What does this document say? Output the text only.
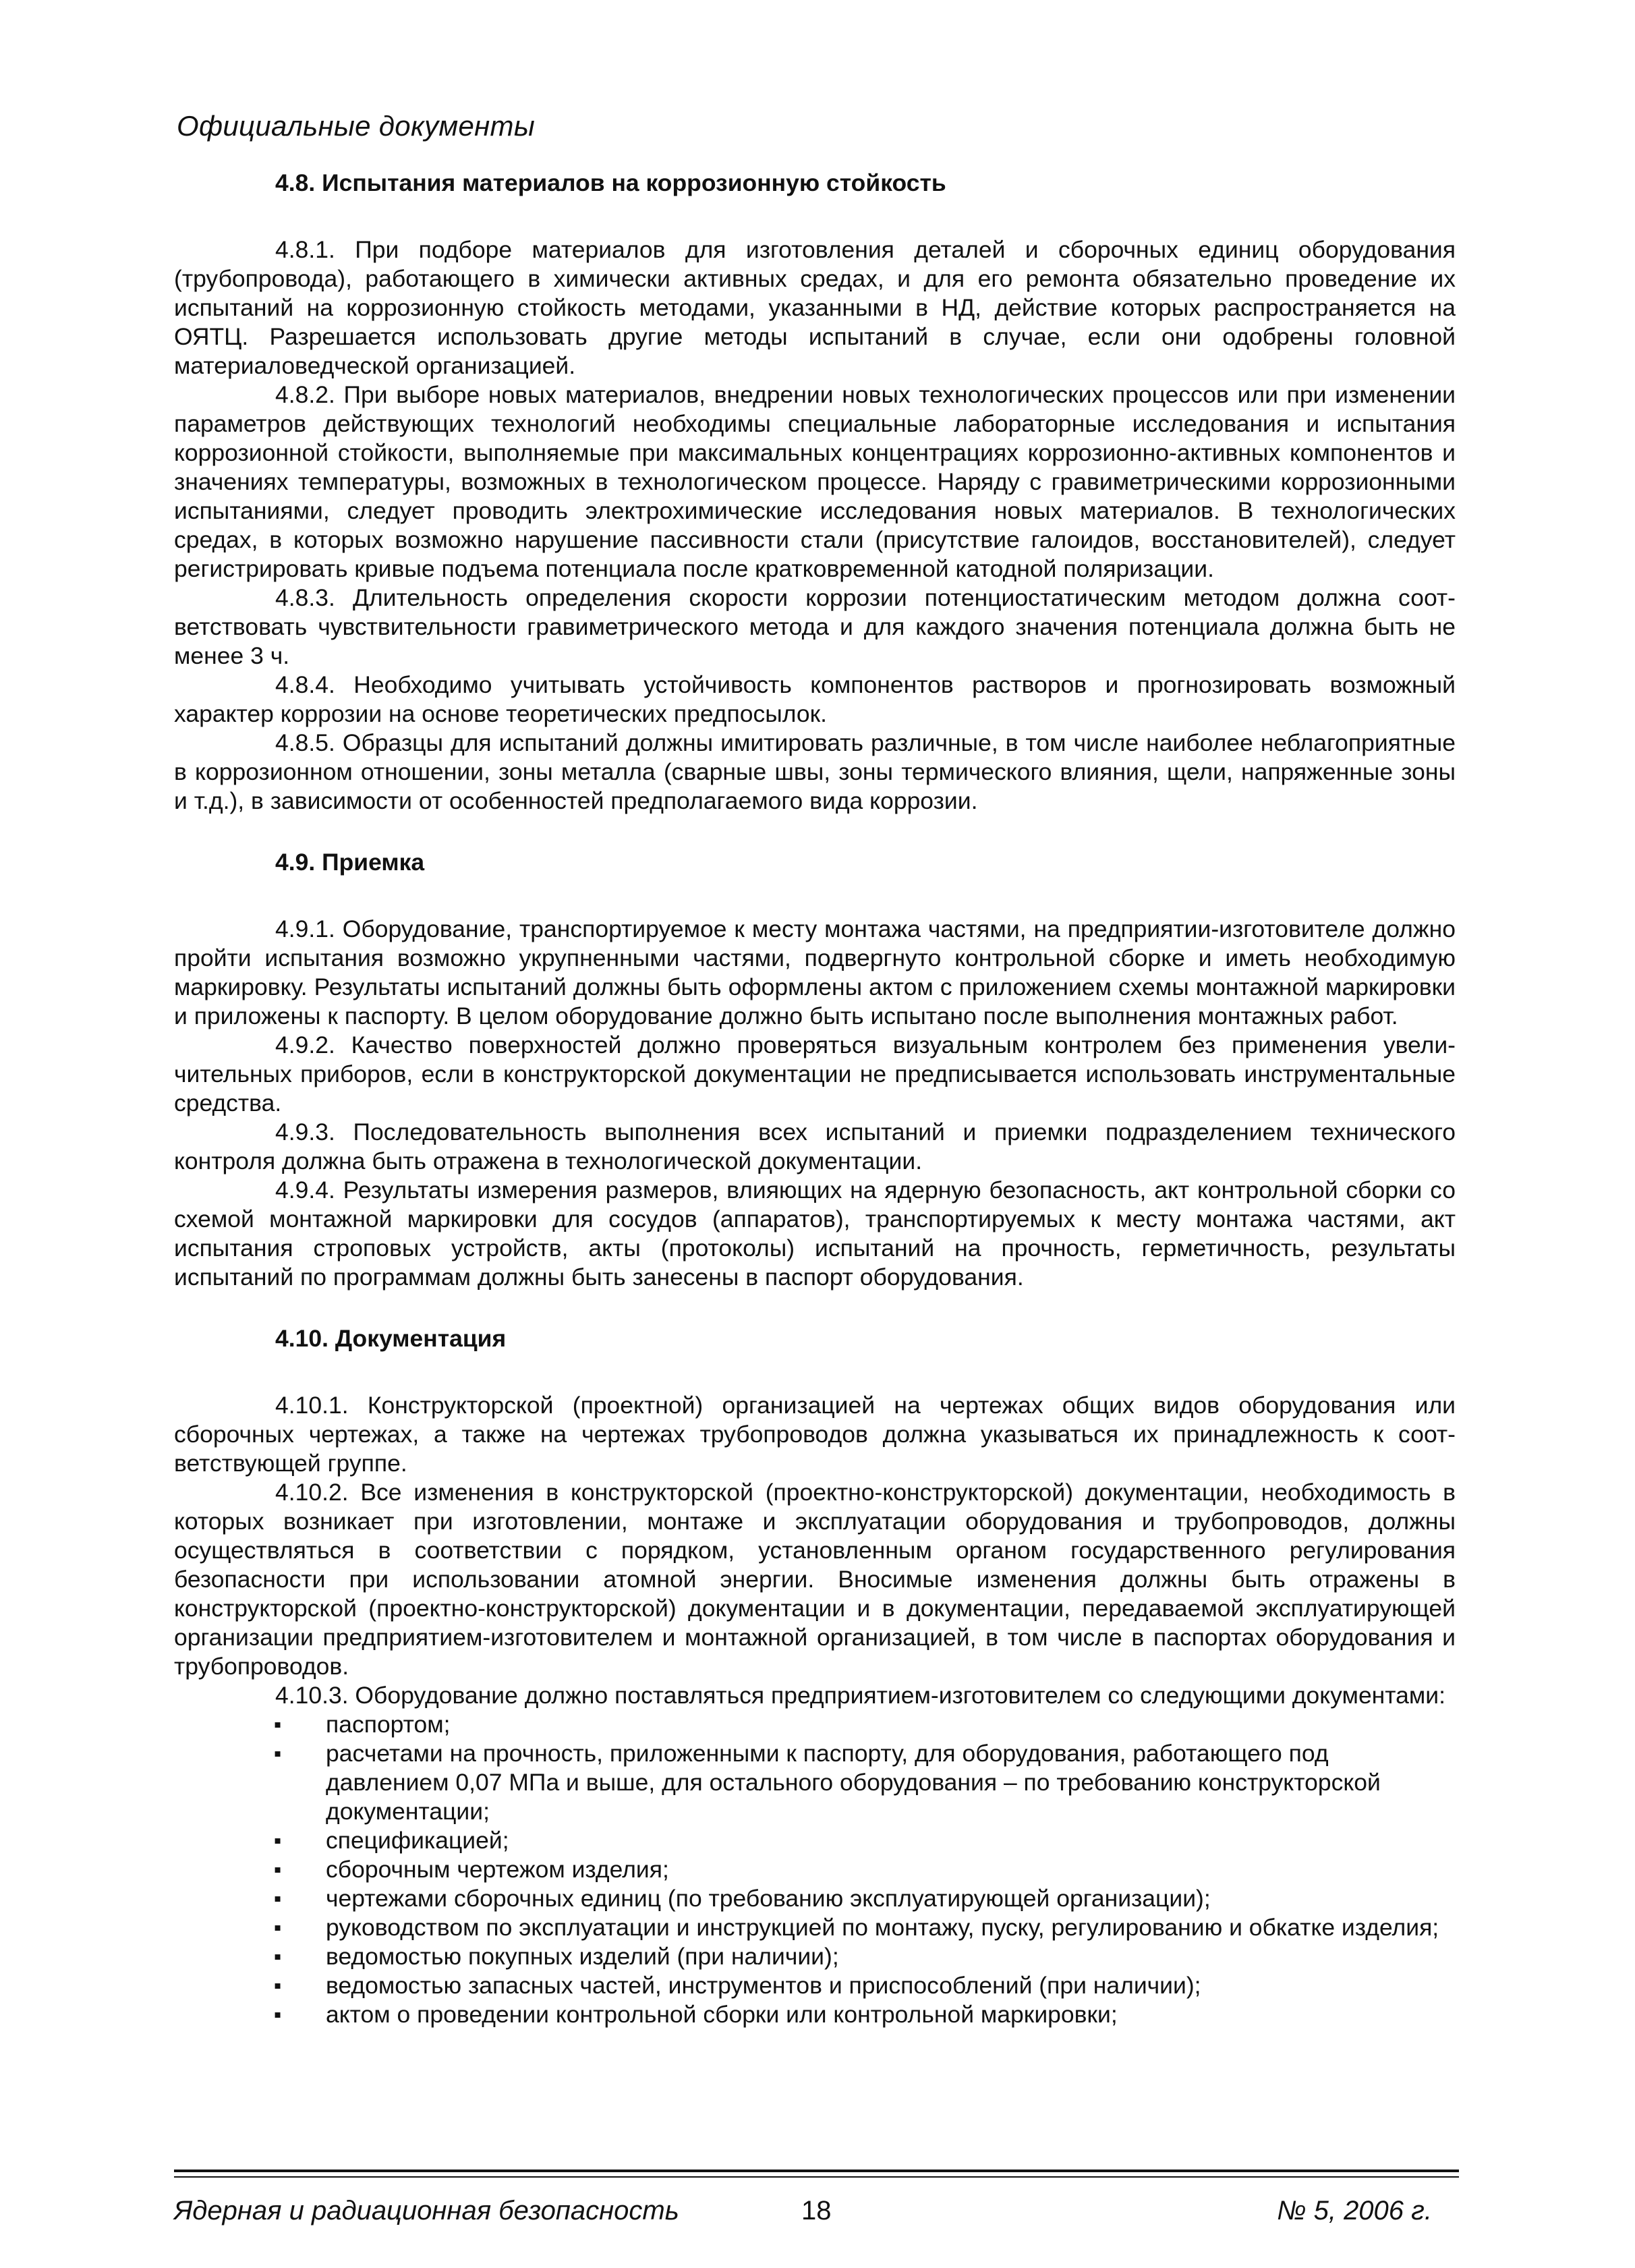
Официальные документы
4.8. Испытания материалов на коррозионную стойкость

4.8.1. При подборе материалов для изготовления деталей и сборочных единиц оборудования (трубопровода), работающего в химически активных средах, и для его ремонта обязательно проведение их испытаний на коррозионную стойкость методами, указанными в НД, действие которых распространяется на ОЯТЦ. Разрешается использовать другие методы испытаний в случае, если они одобрены головной материаловедческой организацией.

4.8.2. При выборе новых материалов, внедрении новых технологических процессов или при изменении параметров действующих технологий необходимы специальные лабораторные исследования и испытания коррозионной стойкости, выполняемые при максимальных концентрациях коррозионно-активных компонентов и значениях температуры, возможных в технологическом процессе. Наряду с гравиметрическими коррозионными испытаниями, следует проводить электрохимические исследования новых материалов. В технологических средах, в которых возможно нарушение пассивности стали (присутствие галоидов, восстановителей), следует регистрировать кривые подъема потенциала после кратковременной катодной поляризации.

4.8.3. Длительность определения скорости коррозии потенциостатическим методом должна соответствовать чувствительности гравиметрического метода и для каждого значения потенциала должна быть не менее 3 ч.

4.8.4. Необходимо учитывать устойчивость компонентов растворов и прогнозировать возможный характер коррозии на основе теоретических предпосылок.

4.8.5. Образцы для испытаний должны имитировать различные, в том числе наиболее неблагоприятные в коррозионном отношении, зоны металла (сварные швы, зоны термического влияния, щели, напряженные зоны и т.д.), в зависимости от особенностей предполагаемого вида коррозии.

4.9. Приемка

4.9.1. Оборудование, транспортируемое к месту монтажа частями, на предприятии-изготовителе должно пройти испытания возможно укрупненными частями, подвергнуто контрольной сборке и иметь необходимую маркировку. Результаты испытаний должны быть оформлены актом с приложением схемы монтажной маркировки и приложены к паспорту. В целом оборудование должно быть испытано после выполнения монтажных работ.

4.9.2. Качество поверхностей должно проверяться визуальным контролем без применения увеличительных приборов, если в конструкторской документации не предписывается использовать инструментальные средства.

4.9.3. Последовательность выполнения всех испытаний и приемки подразделением технического контроля должна быть отражена в технологической документации.

4.9.4. Результаты измерения размеров, влияющих на ядерную безопасность, акт контрольной сборки со схемой монтажной маркировки для сосудов (аппаратов), транспортируемых к месту монтажа частями, акт испытания строповых устройств, акты (протоколы) испытаний на прочность, герметичность, результаты испытаний по программам должны быть занесены в паспорт оборудования.

4.10. Документация

4.10.1. Конструкторской (проектной) организацией на чертежах общих видов оборудования или сборочных чертежах, а также на чертежах трубопроводов должна указываться их принадлежность к соответствующей группе.

4.10.2. Все изменения в конструкторской (проектно-конструкторской) документации, необходимость в которых возникает при изготовлении, монтаже и эксплуатации оборудования и трубопроводов, должны осуществляться в соответствии с порядком, установленным органом государственного регулирования безопасности при использовании атомной энергии. Вносимые изменения должны быть отражены в конструкторской (проектно-конструкторской) документации и в документации, передаваемой эксплуатирующей организации предприятием-изготовителем и монтажной организацией, в том числе в паспортах оборудования и трубопроводов.

4.10.3. Оборудование должно поставляться предприятием-изготовителем со следующими документами:

▪ паспортом;
▪ расчетами на прочность, приложенными к паспорту, для оборудования, работающего под давлением 0,07 МПа и выше, для остального оборудования – по требованию конструкторской документации;
▪ спецификацией;
▪ сборочным чертежом изделия;
▪ чертежами сборочных единиц (по требованию эксплуатирующей организации);
▪ руководством по эксплуатации и инструкцией по монтажу, пуску, регулированию и обкатке изделия;
▪ ведомостью покупных изделий (при наличии);
▪ ведомостью запасных частей, инструментов и приспособлений (при наличии);
▪ актом о проведении контрольной сборки или контрольной маркировки;
Ядерная и радиационная безопасность	18	№ 5, 2006 г.
